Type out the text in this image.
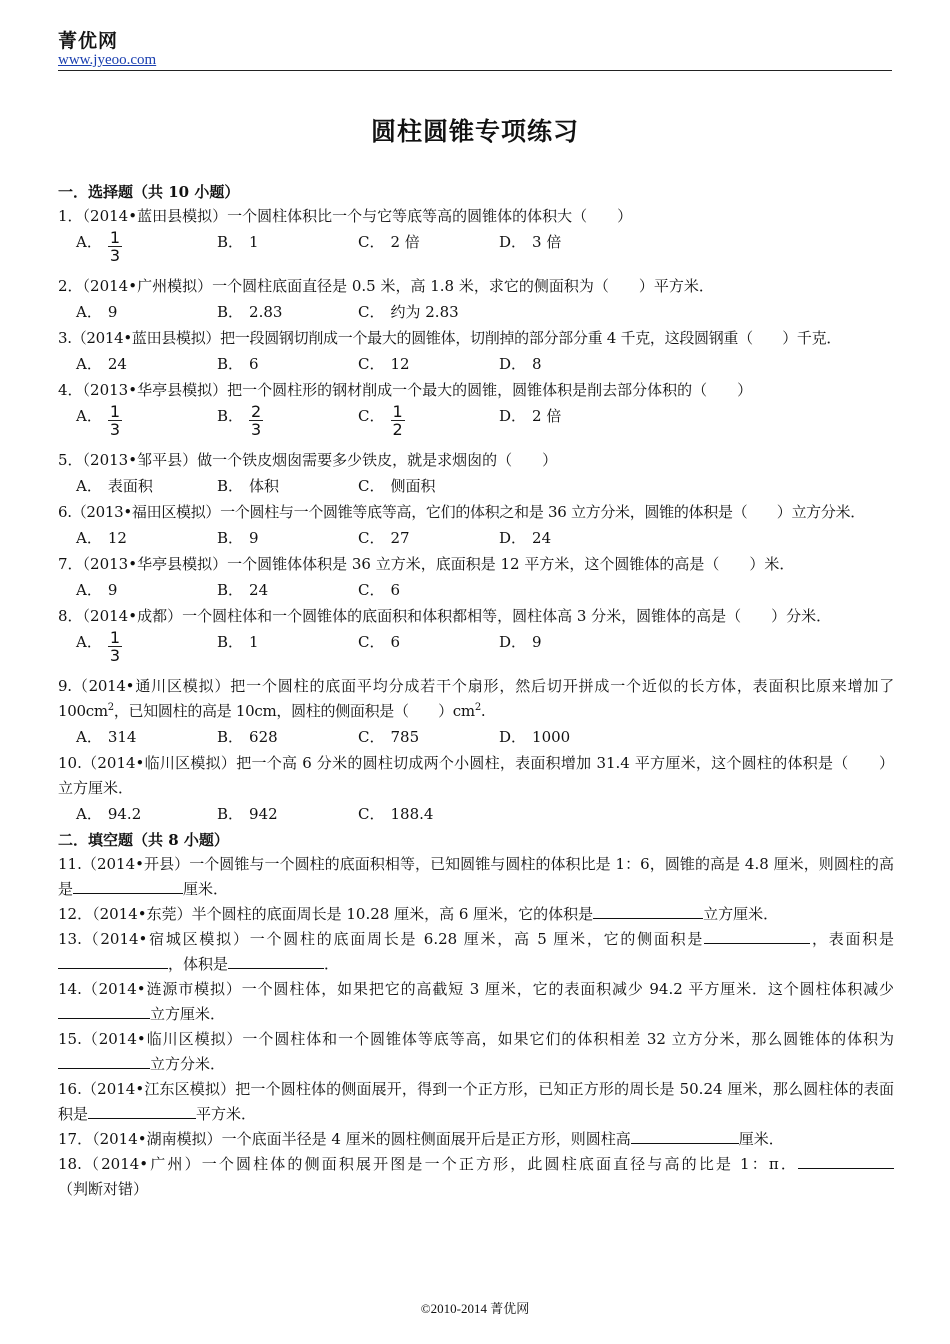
菁优网
www.jyeoo.com
圆柱圆锥专项练习
一．选择题（共 10 小题）
1．（2014•蓝田县模拟）一个圆柱体积比一个与它等底等高的圆锥体的体积大（　　）
A． $\frac{1}{3}$	B． 1	C． 2 倍	D． 3 倍
2．（2014•广州模拟）一个圆柱底面直径是 0.5 米，高 1.8 米，求它的侧面积为（　　）平方米．
A． 9	B． 2.83	C． 约为 2.83
3.（2014•蓝田县模拟）把一段圆钢切削成一个最大的圆锥体，切削掉的部分部分重 4 千克，这段圆钢重（　　）千克．
A． 24	B． 6	C． 12	D． 8
4．（2013•华亭县模拟）把一个圆柱形的钢材削成一个最大的圆锥，圆锥体积是削去部分体积的（　　）
A． $\frac{1}{3}$	B． $\frac{2}{3}$	C． $\frac{1}{2}$	D． 2 倍
5．（2013•邹平县）做一个铁皮烟囱需要多少铁皮，就是求烟囱的（　　）
A． 表面积	B． 体积	C． 侧面积
6.（2013•福田区模拟）一个圆柱与一个圆锥等底等高，它们的体积之和是 36 立方分米，圆锥的体积是（　　）立方分米．
A． 12	B． 9	C． 27	D． 24
7．（2013•华亭县模拟）一个圆锥体体积是 36 立方米，底面积是 12 平方米，这个圆锥体的高是（　　）米．
A． 9	B． 24	C． 6
8．（2014•成都）一个圆柱体和一个圆锥体的底面积和体积都相等，圆柱体高 3 分米，圆锥体的高是（　　）分米．
A． $\frac{1}{3}$	B． 1	C． 6	D． 9
9.（2014•通川区模拟）把一个圆柱的底面平均分成若干个扇形，然后切开拼成一个近似的长方体，表面积比原来增加了 $100cm^2$，已知圆柱的高是 10cm，圆柱的侧面积是（　　）$cm^2$.
A． 314	B． 628	C． 785	D． 1000
10.（2014•临川区模拟）把一个高 6 分米的圆柱切成两个小圆柱，表面积增加 31.4 平方厘米，这个圆柱的体积是（　　）立方厘米．
A． 94.2	B． 942	C． 188.4
二．填空题（共 8 小题）
11.（2014•开县）一个圆锥与一个圆柱的底面积相等，已知圆锥与圆柱的体积比是 1：6，圆锥的高是 4.8 厘米，则圆柱的高是	厘米．
12．（2014•东莞）半个圆柱的底面周长是 10.28 厘米，高 6 厘米，它的体积是	立方厘米．
13.（2014•宿城区模拟）一个圆柱的底面周长是 6.28 厘米，高 5 厘米，它的侧面积是	，表面积是，体积是	．
14.（2014•涟源市模拟）一个圆柱体，如果把它的高截短 3 厘米，它的表面积减少 94.2 平方厘米．这个圆柱体积减少立方厘米．
15.（2014•临川区模拟）一个圆柱体和一个圆锥体等底等高，如果它们的体积相差 32 立方分米，那么圆锥体的体积为立方分米．
16.（2014•江东区模拟）把一个圆柱体的侧面展开，得到一个正方形，已知正方形的周长是 50.24 厘米，那么圆柱体的表面积是	平方米．
17．（2014•湖南模拟）一个底面半径是 4 厘米的圆柱侧面展开后是正方形，则圆柱高	厘米．
18.（2014•广州）一个圆柱体的侧面积展开图是一个正方形，此圆柱底面直径与高的比是 1：π．（判断对错）
©2010-2014 菁优网
